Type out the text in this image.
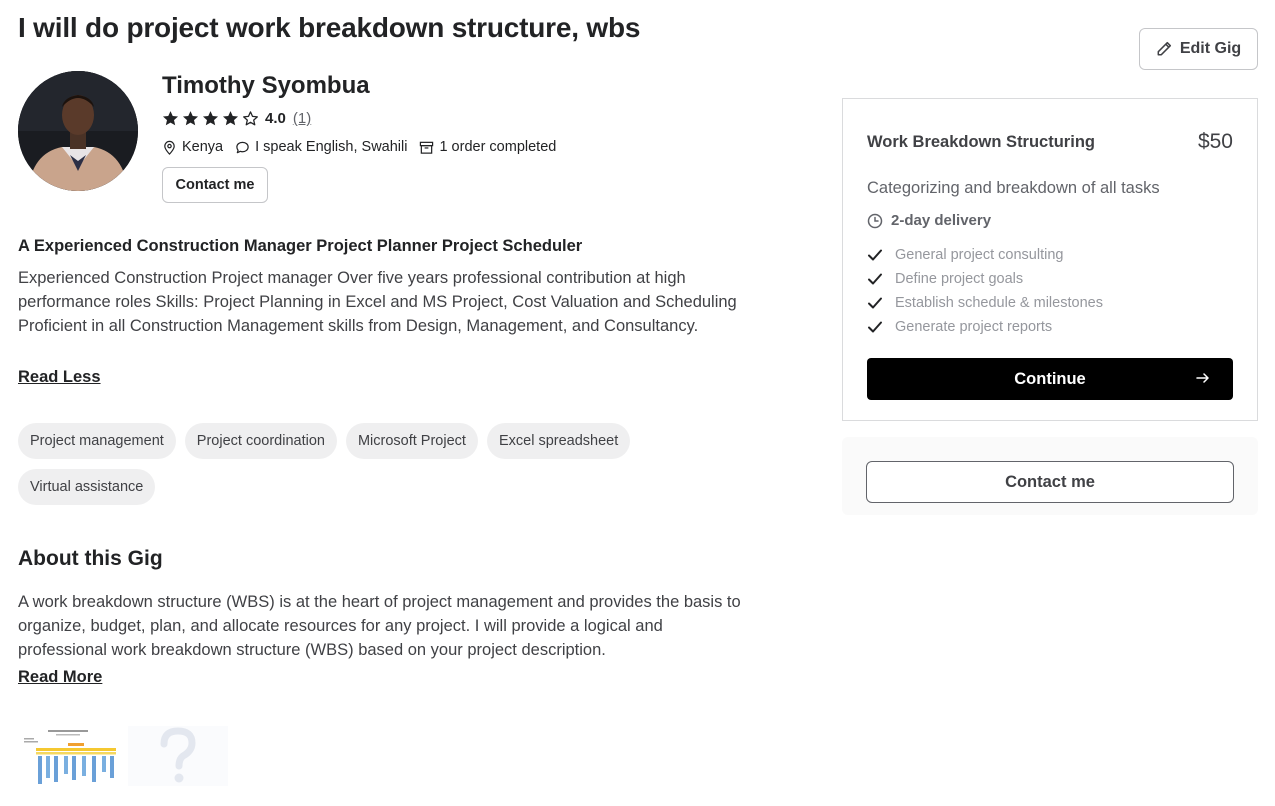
I will do project work breakdown structure, wbs
Edit Gig
Timothy Syombua
4.0 (1)
Kenya I speak English, Swahili 1 order completed
Contact me
A Experienced Construction Manager Project Planner Project Scheduler

Experienced Construction Project manager Over five years professional contribution at high performance roles Skills: Project Planning in Excel and MS Project, Cost Valuation and Scheduling Proficient in all Construction Management skills from Design, Management, and Consultancy.

Read Less
Project management	Project coordination	Microsoft Project	Excel spreadsheet
Virtual assistance
About this Gig

A work breakdown structure (WBS) is at the heart of project management and provides the basis to organize, budget, plan, and allocate resources for any project. I will provide a logical and professional work breakdown structure (WBS) based on your project description.

Read More
Work Breakdown Structuring	$50
Categorizing and breakdown of all tasks
2-day delivery
General project consulting
Define project goals
Establish schedule & milestones
Generate project reports
Continue
Contact me
